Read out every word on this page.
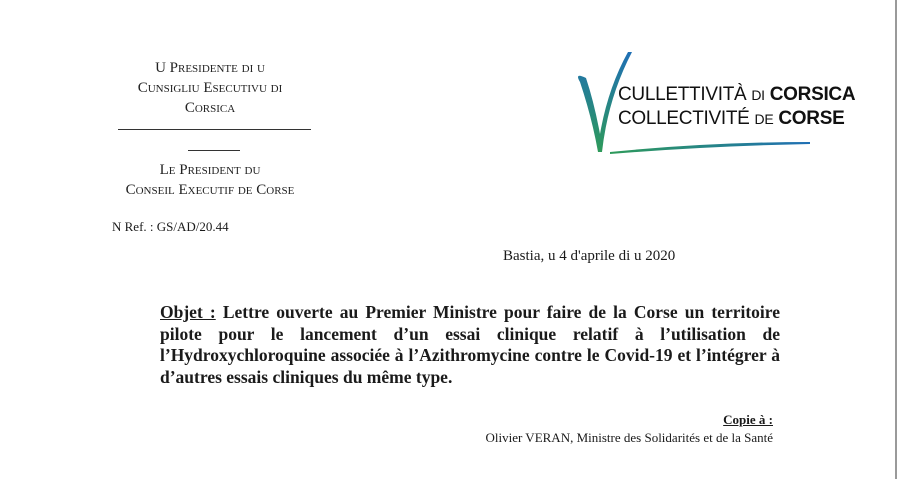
U Presidente di u
Cunsigliu Esecutivu di
Corsica
Le President du
Conseil Executif de Corse
N Ref. : GS/AD/20.44
CULLETTIVITÀ DI CORSICA
COLLECTIVITÉ DE CORSE
Bastia, u 4 d'aprile di u 2020
Objet : Lettre ouverte au Premier Ministre pour faire de la Corse un territoire pilote pour le lancement d’un essai clinique relatif à l’utilisation de l’Hydroxychloroquine associée à l’Azithromycine contre le Covid-19 et l’intégrer à d’autres essais cliniques du même type.
Copie à :
Olivier VERAN, Ministre des Solidarités et de la Santé
